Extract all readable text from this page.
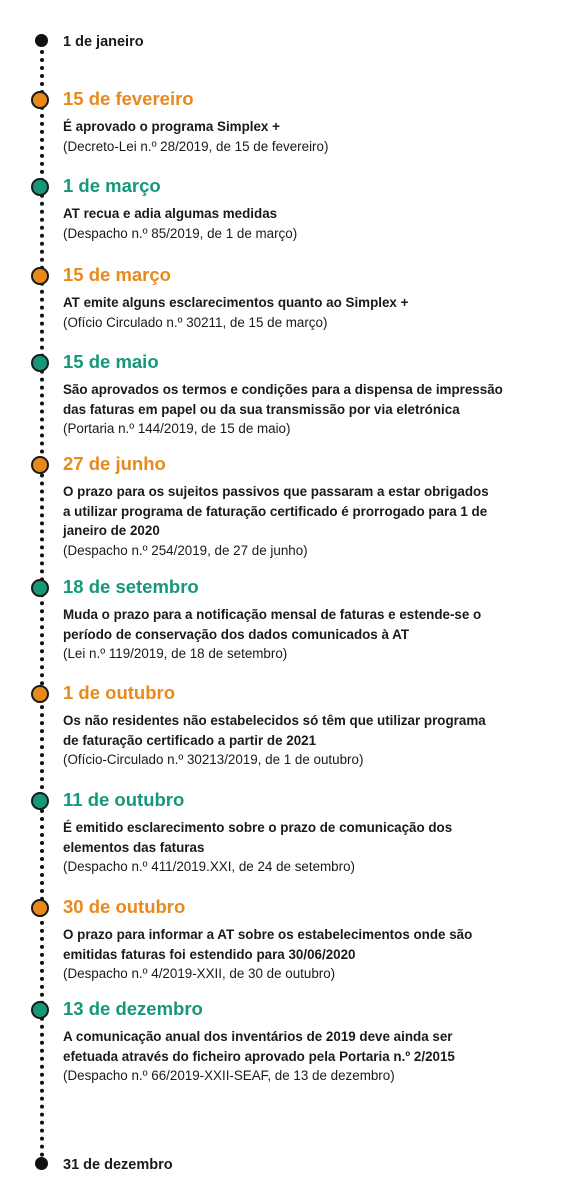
1 de janeiro
15 de fevereiro
É aprovado o programa Simplex +
(Decreto-Lei n.º 28/2019, de 15 de fevereiro)
1 de março
AT recua e adia algumas medidas
(Despacho n.º 85/2019, de 1 de março)
15 de março
AT emite alguns esclarecimentos quanto ao Simplex +
(Ofício Circulado n.º 30211, de 15 de março)
15 de maio
São aprovados os termos e condições para a dispensa de impressão
das faturas em papel ou da sua transmissão por via eletrónica
(Portaria n.º 144/2019, de 15 de maio)
27 de junho
O prazo para os sujeitos passivos que passaram a estar obrigados
a utilizar programa de faturação certificado é prorrogado para 1 de
janeiro de 2020
(Despacho n.º 254/2019, de 27 de junho)
18 de setembro
Muda o prazo para a notificação mensal de faturas e estende-se o
período de conservação dos dados comunicados à AT
(Lei n.º 119/2019, de 18 de setembro)
1 de outubro
Os não residentes não estabelecidos só têm que utilizar programa
de faturação certificado a partir de 2021
(Ofício-Circulado n.º 30213/2019, de 1 de outubro)
11 de outubro
É emitido esclarecimento sobre o prazo de comunicação dos
elementos das faturas
(Despacho n.º 411/2019.XXI, de 24 de setembro)
30 de outubro
O prazo para informar a AT sobre os estabelecimentos onde são
emitidas faturas foi estendido para 30/06/2020
(Despacho n.º 4/2019-XXII, de 30 de outubro)
13 de dezembro
A comunicação anual dos inventários de 2019 deve ainda ser
efetuada através do ficheiro aprovado pela Portaria n.º 2/2015
(Despacho n.º 66/2019-XXII-SEAF, de 13 de dezembro)
31 de dezembro
